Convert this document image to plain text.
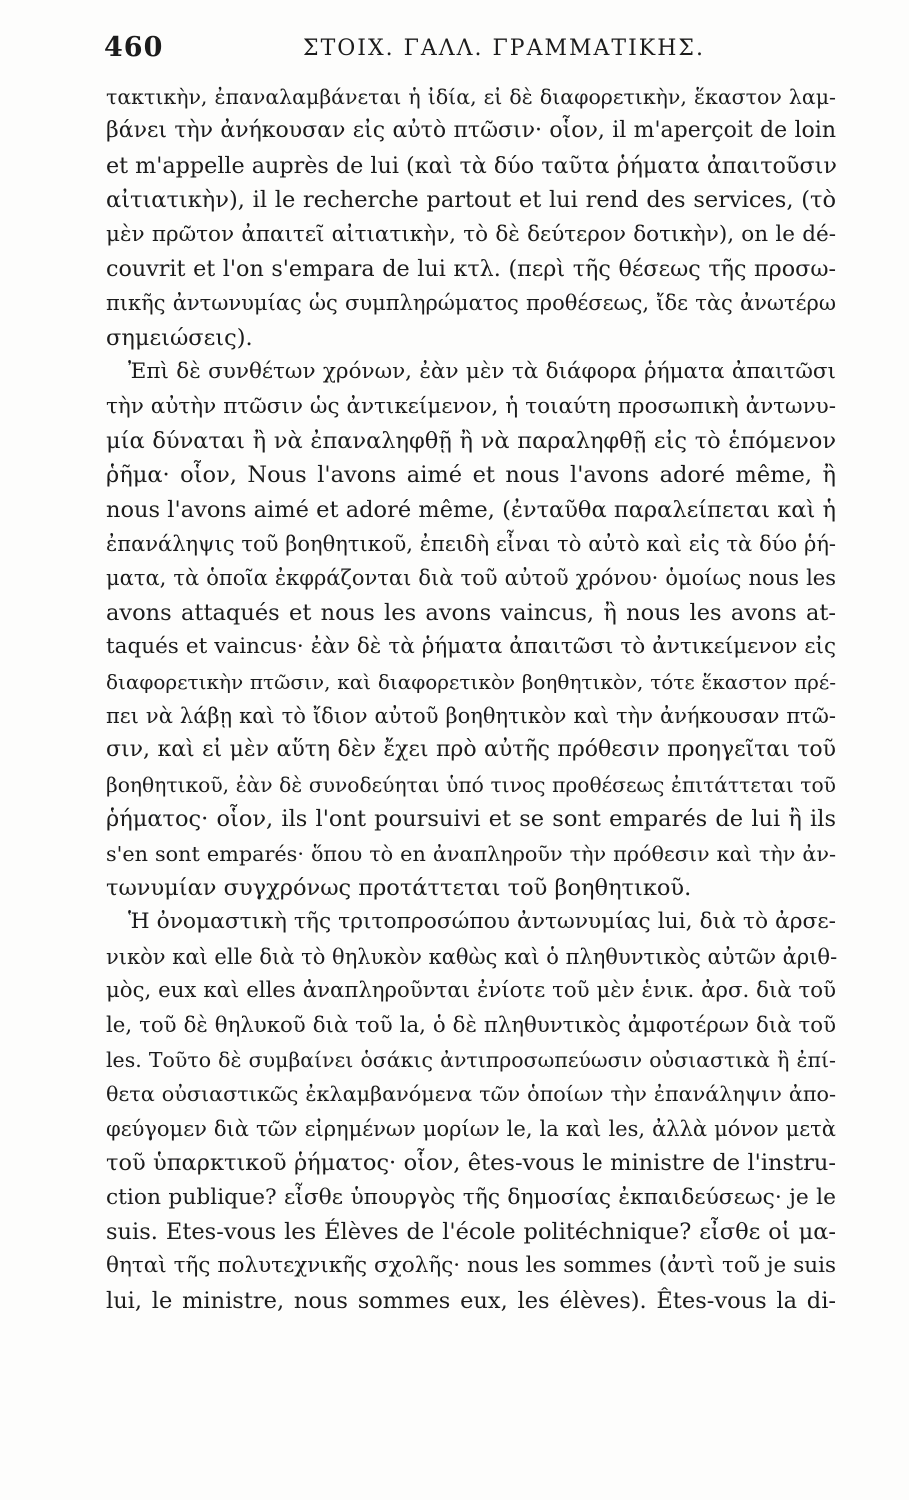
460	ΣΤΟΙΧ. ΓΑΛΛ. ΓΡΑΜΜΑΤΙΚΗΣ.
τακτικὴν, ἐπαναλαμβάνεται ἡ ἰδία, εἰ δὲ διαφορετικὴν, ἕκαστον λαμ-
βάνει τὴν ἀνήκουσαν εἰς αὐτὸ πτῶσιν· οἷον, il m'aperçoit de loin
et m'appelle auprès de lui (καὶ τὰ δύο ταῦτα ῥήματα ἀπαιτοῦσιν
αἰτιατικὴν), il le recherche partout et lui rend des services, (τὸ
μὲν πρῶτον ἀπαιτεῖ αἰτιατικὴν, τὸ δὲ δεύτερον δοτικὴν), on le dé-
couvrit et l'on s'empara de lui κτλ. (περὶ τῆς θέσεως τῆς προσω-
πικῆς ἀντωνυμίας ὡς συμπληρώματος προθέσεως, ἴδε τὰς ἀνωτέρω
σημειώσεις).
Ἐπὶ δὲ συνθέτων χρόνων, ἐὰν μὲν τὰ διάφορα ῥήματα ἀπαιτῶσι
τὴν αὐτὴν πτῶσιν ὡς ἀντικείμενον, ἡ τοιαύτη προσωπικὴ ἀντωνυ-
μία δύναται ἢ νὰ ἐπαναληφθῇ ἢ νὰ παραληφθῇ εἰς τὸ ἑπόμενον
ῥῆμα· οἷον, Nous l'avons aimé et nous l'avons adoré même, ἢ
nous l'avons aimé et adoré même, (ἐνταῦθα παραλείπεται καὶ ἡ
ἐπανάληψις τοῦ βοηθητικοῦ, ἐπειδὴ εἶναι τὸ αὐτὸ καὶ εἰς τὰ δύο ῥή-
ματα, τὰ ὁποῖα ἐκφράζονται διὰ τοῦ αὐτοῦ χρόνου· ὁμοίως nous les
avons attaqués et nous les avons vaincus, ἢ nous les avons at-
taqués et vaincus· ἐὰν δὲ τὰ ῥήματα ἀπαιτῶσι τὸ ἀντικείμενον εἰς
διαφορετικὴν πτῶσιν, καὶ διαφορετικὸν βοηθητικὸν, τότε ἕκαστον πρέ-
πει νὰ λάβῃ καὶ τὸ ἴδιον αὐτοῦ βοηθητικὸν καὶ τὴν ἀνήκουσαν πτῶ-
σιν, καὶ εἰ μὲν αὕτη δὲν ἔχει πρὸ αὐτῆς πρόθεσιν προηγεῖται τοῦ
βοηθητικοῦ, ἐὰν δὲ συνοδεύηται ὑπό τινος προθέσεως ἐπιτάττεται τοῦ
ῥήματος· οἷον, ils l'ont poursuivi et se sont emparés de lui ἢ ils
s'en sont emparés· ὅπου τὸ en ἀναπληροῦν τὴν πρόθεσιν καὶ τὴν ἀν-
τωνυμίαν συγχρόνως προτάττεται τοῦ βοηθητικοῦ.
Ἡ ὀνομαστικὴ τῆς τριτοπροσώπου ἀντωνυμίας lui, διὰ τὸ ἀρσε-
νικὸν καὶ elle διὰ τὸ θηλυκὸν καθὼς καὶ ὁ πληθυντικὸς αὐτῶν ἀριθ-
μὸς, eux καὶ elles ἀναπληροῦνται ἐνίοτε τοῦ μὲν ἑνικ. ἀρσ. διὰ τοῦ
le, τοῦ δὲ θηλυκοῦ διὰ τοῦ la, ὁ δὲ πληθυντικὸς ἀμφοτέρων διὰ τοῦ
les. Τοῦτο δὲ συμβαίνει ὁσάκις ἀντιπροσωπεύωσιν οὐσιαστικὰ ἢ ἐπί-
θετα οὐσιαστικῶς ἐκλαμβανόμενα τῶν ὁποίων τὴν ἐπανάληψιν ἀπο-
φεύγομεν διὰ τῶν εἰρημένων μορίων le, la καὶ les, ἀλλὰ μόνον μετὰ
τοῦ ὑπαρκτικοῦ ῥήματος· οἷον, êtes-vous le ministre de l'instru-
ction publique? εἶσθε ὑπουργὸς τῆς δημοσίας ἐκπαιδεύσεως· je le
suis. Etes-vous les Élèves de l'école politéchnique? εἶσθε οἱ μα-
θηταὶ τῆς πολυτεχνικῆς σχολῆς· nous les sommes (ἀντὶ τοῦ je suis
lui, le ministre, nous sommes eux, les élèves). Êtes-vous la di-
